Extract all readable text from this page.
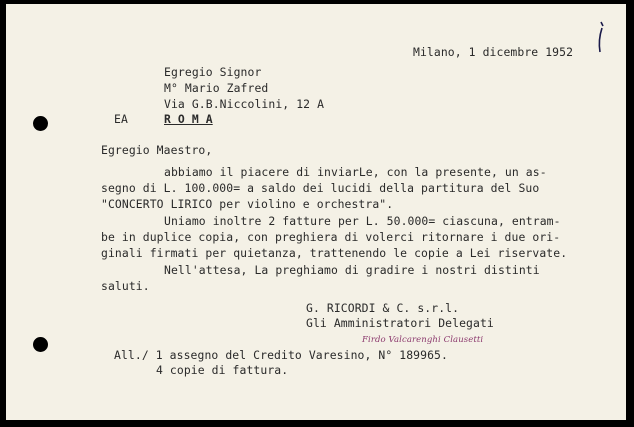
Milano, 1 dicembre 1952
Egregio Signor
M° Mario Zafred
Via G.B.Niccolini, 12 A
EA	R O M A
Egregio Maestro,
abbiamo il piacere di inviarLe, con la presente, un as-
segno di L. 100.000= a saldo dei lucidi della partitura del Suo
"CONCERTO LIRICO per violino e orchestra".
Uniamo inoltre 2 fatture per L. 50.000= ciascuna, entram-
be in duplice copia, con preghiera di volerci ritornare i due ori-
ginali firmati per quietanza, trattenendo le copie a Lei riservate.
Nell'attesa, La preghiamo di gradire i nostri distinti
saluti.
G. RICORDI & C. s.r.l.
Gli Amministratori Delegati
Firdo Valcarenghi Clausetti
All./ 1 assegno del Credito Varesino, N° 189965.
4 copie di fattura.
